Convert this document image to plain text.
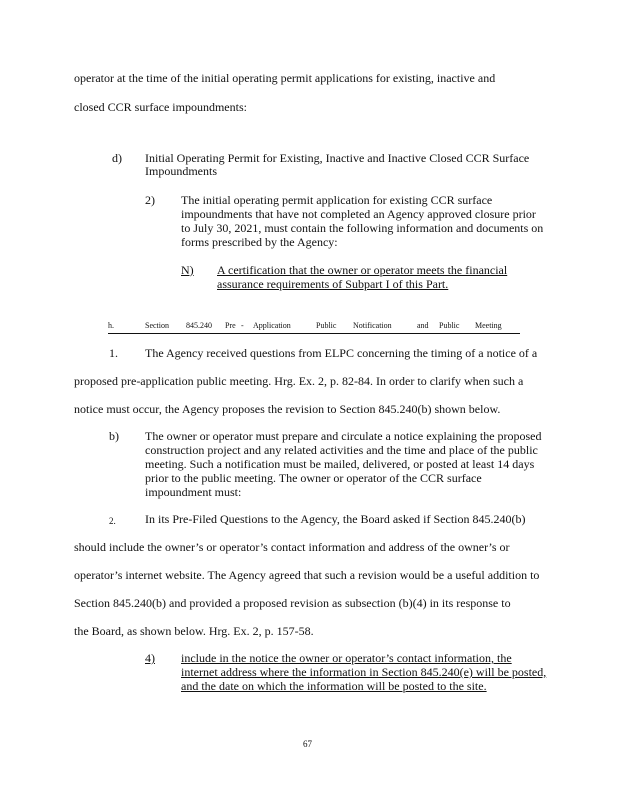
operator at the time of the initial operating permit applications for existing, inactive and
closed CCR surface impoundments:
d) Initial Operating Permit for Existing, Inactive and Inactive Closed CCR Surface
Impoundments
2) The initial operating permit application for existing CCR surface
impoundments that have not completed an Agency approved closure prior
to July 30, 2021, must contain the following information and documents on
forms prescribed by the Agency:
N) A certification that the owner or operator meets the financial
assurance requirements of Subpart I of this Part.
h.	Section 845.240 Pre - Application	Public Notification	and Public Meeting
1. The Agency received questions from ELPC concerning the timing of a notice of a
proposed pre-application public meeting. Hrg. Ex. 2, p. 82-84. In order to clarify when such a
notice must occur, the Agency proposes the revision to Section 845.240(b) shown below.
b) The owner or operator must prepare and circulate a notice explaining the proposed
construction project and any related activities and the time and place of the public
meeting. Such a notification must be mailed, delivered, or posted at least 14 days
prior to the public meeting. The owner or operator of the CCR surface
impoundment must:
2. In its Pre-Filed Questions to the Agency, the Board asked if Section 845.240(b)
should include the owner’s or operator’s contact information and address of the owner’s or
operator’s internet website. The Agency agreed that such a revision would be a useful addition to
Section 845.240(b) and provided a proposed revision as subsection (b)(4) in its response to
the Board, as shown below. Hrg. Ex. 2, p. 157-58.
4) include in the notice the owner or operator’s contact information, the
internet address where the information in Section 845.240(e) will be posted,
and the date on which the information will be posted to the site.
67
